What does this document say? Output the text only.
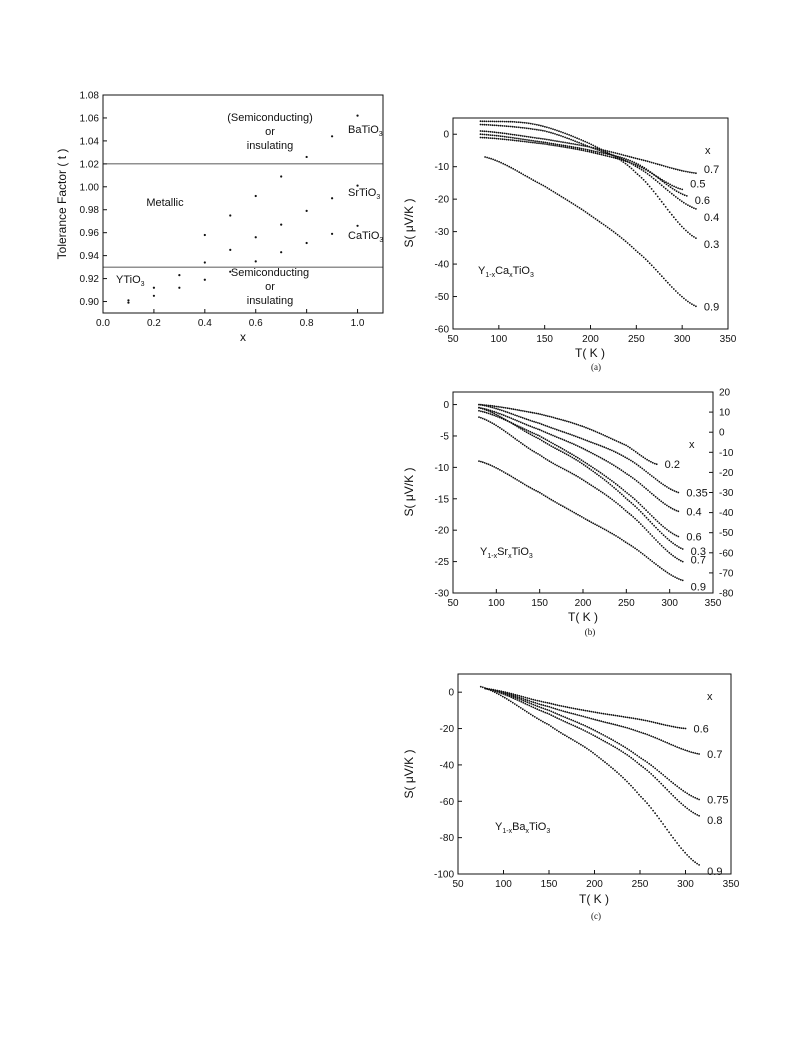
0.90
0.92
0.94
0.96
0.98
1.00
1.02
1.04
1.06
1.08
0.0	0.2	0.4	0.6	0.8	1.0
x
Tolerance Factor ( t )
(Semiconducting)
or
insulating
Metallic
Semiconducting
or
insulating
YTiO$_3$
BaTiO$_3$
SrTiO$_3$
CaTiO$_3$
0
-10
-20
-30
-40
-50
-60
50	100	150	200	250	300	350
0.7
0.5
0.6
0.4
0.3
0.9
S( μV/K )
T( K )
x
$Y_{1-x}Ca_xTiO_3$
(a)
0
-5
-10
-15
-20
-25
-30
20
10
0
-10
-20
-30
-40
-50
-60
-70
-80
50	100	150	200	250	300	350
0.2
0.35
0.4
0.6
0.3
0.7
0.9
S( μV/K )
T( K )
x
$Y_{1-x}Sr_xTiO_3$
(b)
0
-20
-40
-60
-80
-100
50	100	150	200	250	300	350
0.6
0.7
0.75
0.8
0.9
S( μV/K )
T( K )
x
$Y_{1-x}Ba_xTiO_3$
(c)
